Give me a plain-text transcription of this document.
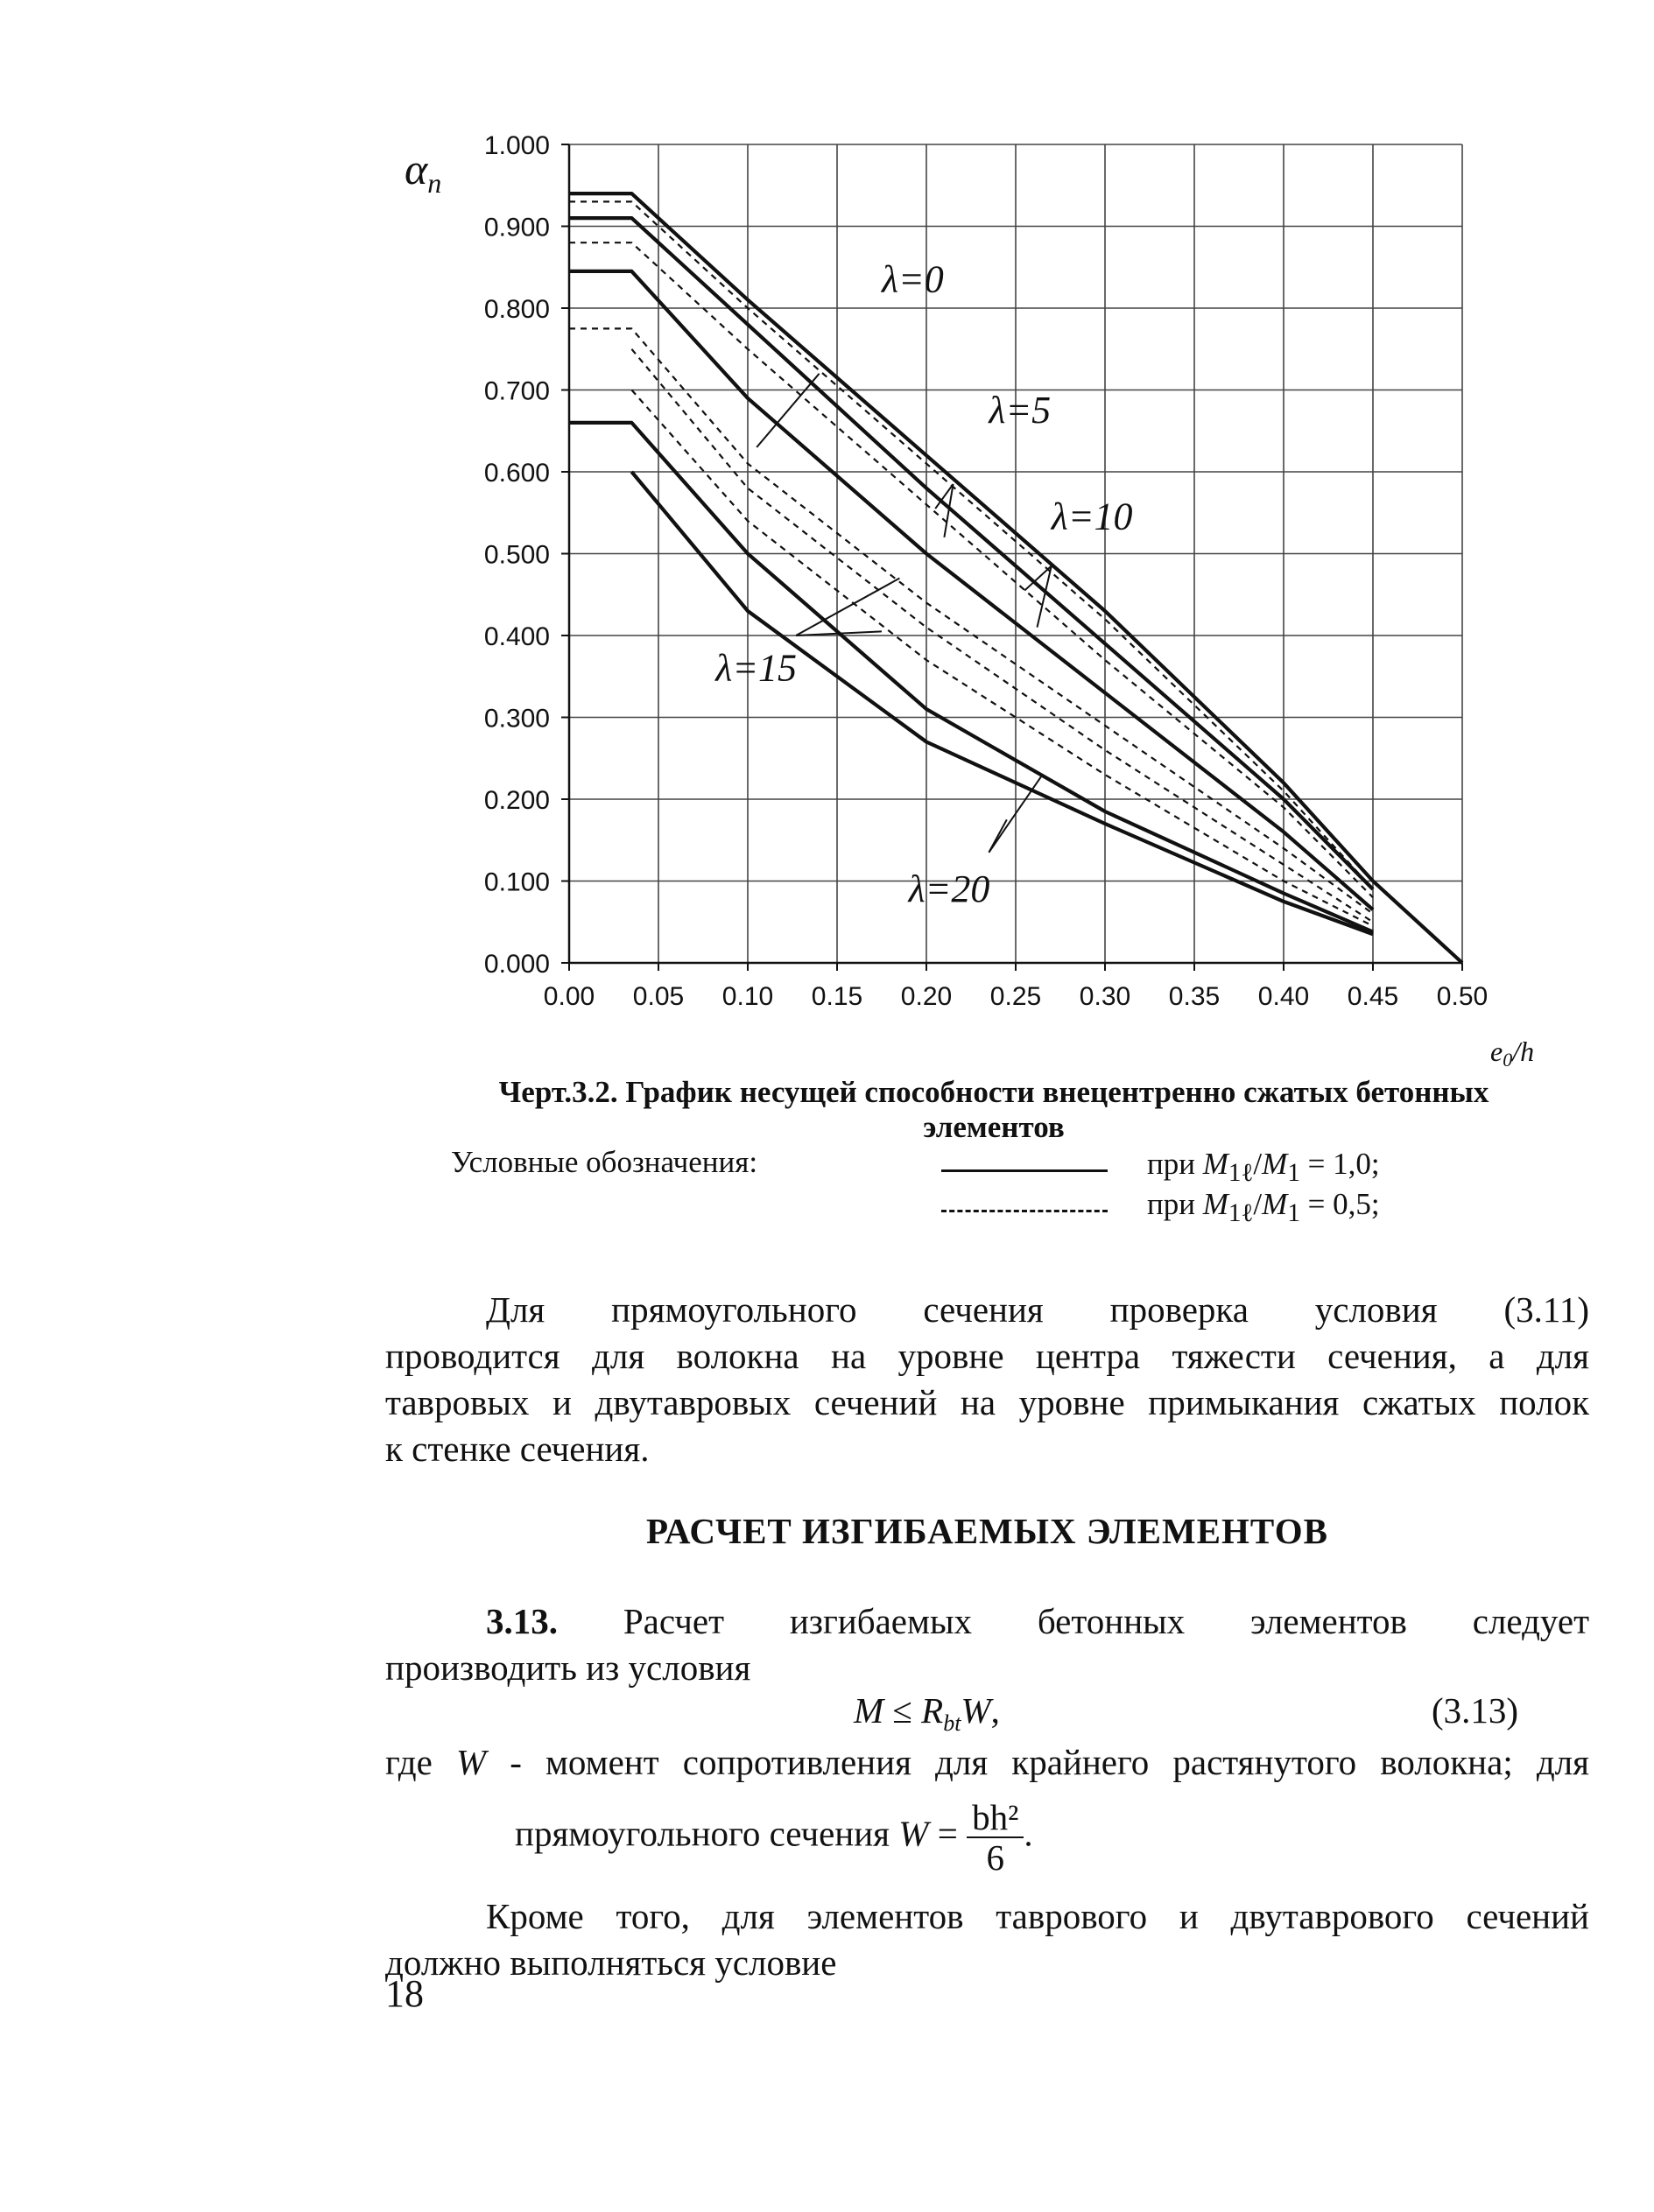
0.00 0.05 0.10 0.15 0.20 0.25 0.30 0.35 0.40 0.45 0.50
0.000
0.100
0.200
0.300
0.400
0.500
0.600
0.700
0.800
0.900
1.000
λ=0
λ=5
λ=10
λ=15
λ=20
$\alpha_n$
e0/h
Черт.3.2. График несущей способности внецентренно сжатых бетонных
элементов
Условные обозначения:	при $M_{1\ell}/M_1 = 1,0$;
при $M_{1\ell}/M_1 = 0,5$;
Для прямоугольного сечения проверка условия (3.11)
проводится для волокна на уровне центра тяжести сечения, а для
тавровых и двутавровых сечений на уровне примыкания сжатых полок
к стенке сечения.
РАСЧЕТ ИЗГИБАЕМЫХ ЭЛЕМЕНТОВ
3.13. Расчет изгибаемых бетонных элементов следует
производить из условия
$M \le R_{bt}W$,	(3.13)
где W - момент сопротивления для крайнего растянутого волокна; для
прямоугольного сечения $W = \frac{\text{bh²}}{6}$ .
Кроме того, для элементов таврового и двутаврового сечений
должно выполняться условие
18
